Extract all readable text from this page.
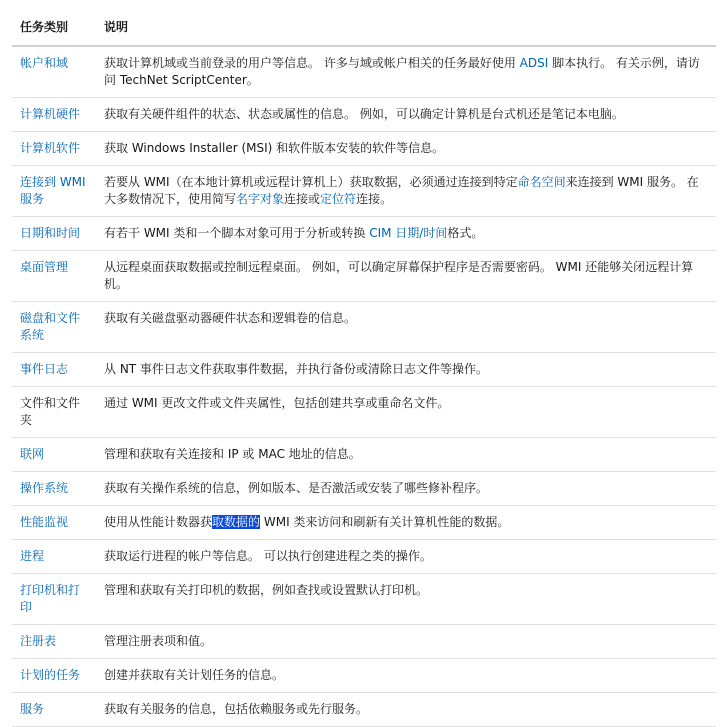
任务类别	说明
帐户和域	获取计算机域或当前登录的用户等信息。 许多与域或帐户相关的任务最好使用 ADSI 脚本执行。 有关示例，请访问 TechNet ScriptCenter。
计算机硬件	获取有关硬件组件的状态、状态或属性的信息。 例如，可以确定计算机是台式机还是笔记本电脑。
计算机软件	获取 Windows Installer (MSI) 和软件版本安装的软件等信息。
连接到 WMI 服务	若要从 WMI（在本地计算机或远程计算机上）获取数据，必须通过连接到特定命名空间来连接到 WMI 服务。 在大多数情况下，使用简写名字对象连接或定位符连接。
日期和时间	有若干 WMI 类和一个脚本对象可用于分析或转换 CIM 日期/时间格式。
桌面管理	从远程桌面获取数据或控制远程桌面。 例如，可以确定屏幕保护程序是否需要密码。 WMI 还能够关闭远程计算机。
磁盘和文件系统	获取有关磁盘驱动器硬件状态和逻辑卷的信息。
事件日志	从 NT 事件日志文件获取事件数据，并执行备份或清除日志文件等操作。
文件和文件夹	通过 WMI 更改文件或文件夹属性，包括创建共享或重命名文件。
联网	管理和获取有关连接和 IP 或 MAC 地址的信息。
操作系统	获取有关操作系统的信息，例如版本、是否激活或安装了哪些修补程序。
性能监视	使用从性能计数器获取数据的 WMI 类来访问和刷新有关计算机性能的数据。
进程	获取运行进程的帐户等信息。 可以执行创建进程之类的操作。
打印机和打印	管理和获取有关打印机的数据，例如查找或设置默认打印机。
注册表	管理注册表项和值。
计划的任务	创建并获取有关计划任务的信息。
服务	获取有关服务的信息，包括依赖服务或先行服务。
